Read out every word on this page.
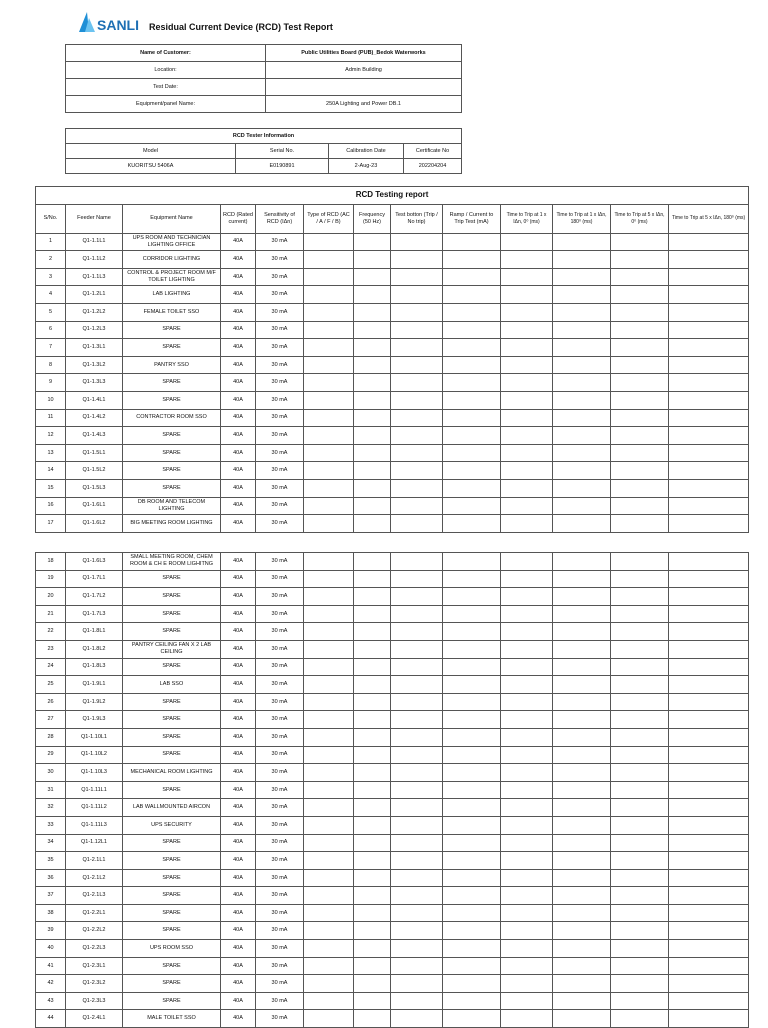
SANLI Residual Current Device (RCD) Test Report
Name of Customer:	Public Utilities Board (PUB)_Bedok Waterworks
Location:	Admin Building
Test Date:	
Equipment/panel Name:	250A Lighting and Power DB.1
RCD Tester Information			
Model	Serial No.	Calibration Date	Certificate No
KUORITSU 5406A	E0190891	2-Aug-23	202204204
RCD Testing report												
S/No.	Feeder Name	Equipment Name	RCD (Rated current)	Sensitivity of RCD (IΔn)	Type of RCD (AC / A / F / B)	Frequency (50 Hz)	Test botton (Trip / No trip)	Ramp / Current to Trip Test (mA)	Time to Trip at 1 x IΔn, 0⁰ (ms)	Time to Trip at 1 x IΔn, 180⁰ (ms)	Time to Trip at 5 x IΔn, 0⁰ (ms)	Time to Trip at 5 x IΔn, 180⁰ (ms)
1	Q1-1.1L1	UPS ROOM AND TECHNICIAN LIGHTING OFFICE	40A	30 mA								
2	Q1-1.1L2	CORRIDOR LIGHTING	40A	30 mA								
3	Q1-1.1L3	CONTROL & PROJECT ROOM M/F TOILET LIGHTING	40A	30 mA								
4	Q1-1.2L1	LAB LIGHTING	40A	30 mA								
5	Q1-1.2L2	FEMALE TOILET SSO	40A	30 mA								
6	Q1-1.2L3	SPARE	40A	30 mA								
7	Q1-1.3L1	SPARE	40A	30 mA								
8	Q1-1.3L2	PANTRY SSO	40A	30 mA								
9	Q1-1.3L3	SPARE	40A	30 mA								
10	Q1-1.4L1	SPARE	40A	30 mA								
11	Q1-1.4L2	CONTRACTOR ROOM SSO	40A	30 mA								
12	Q1-1.4L3	SPARE	40A	30 mA								
13	Q1-1.5L1	SPARE	40A	30 mA								
14	Q1-1.5L2	SPARE	40A	30 mA								
15	Q1-1.5L3	SPARE	40A	30 mA								
16	Q1-1.6L1	DB ROOM AND TELECOM LIGHTING	40A	30 mA								
17	Q1-1.6L2	BIG MEETING ROOM LIGHTING	40A	30 mA								
18	Q1-1.6L3	SMALL MEETING ROOM, CHEM ROOM & CH E ROOM LIGHITNG	40A	30 mA								
19	Q1-1.7L1	SPARE	40A	30 mA								
20	Q1-1.7L2	SPARE	40A	30 mA								
21	Q1-1.7L3	SPARE	40A	30 mA								
22	Q1-1.8L1	SPARE	40A	30 mA								
23	Q1-1.8L2	PANTRY CEILING FAN X 2 LAB CEILING	40A	30 mA								
24	Q1-1.8L3	SPARE	40A	30 mA								
25	Q1-1.9L1	LAB SSO	40A	30 mA								
26	Q1-1.9L2	SPARE	40A	30 mA								
27	Q1-1.9L3	SPARE	40A	30 mA								
28	Q1-1.10L1	SPARE	40A	30 mA								
29	Q1-1.10L2	SPARE	40A	30 mA								
30	Q1-1.10L3	MECHANICAL ROOM LIGHTING	40A	30 mA								
31	Q1-1.11L1	SPARE	40A	30 mA								
32	Q1-1.11L2	LAB WALLMOUNTED AIRCON	40A	30 mA								
33	Q1-1.11L3	UPS SECURITY	40A	30 mA								
34	Q1-1.12L1	SPARE	40A	30 mA								
35	Q1-2.1L1	SPARE	40A	30 mA								
36	Q1-2.1L2	SPARE	40A	30 mA								
37	Q1-2.1L3	SPARE	40A	30 mA								
38	Q1-2.2L1	SPARE	40A	30 mA								
39	Q1-2.2L2	SPARE	40A	30 mA								
40	Q1-2.2L3	UPS ROOM SSO	40A	30 mA								
41	Q1-2.3L1	SPARE	40A	30 mA								
42	Q1-2.3L2	SPARE	40A	30 mA								
43	Q1-2.3L3	SPARE	40A	30 mA								
44	Q1-2.4L1	MALE TOILET SSO	40A	30 mA								
